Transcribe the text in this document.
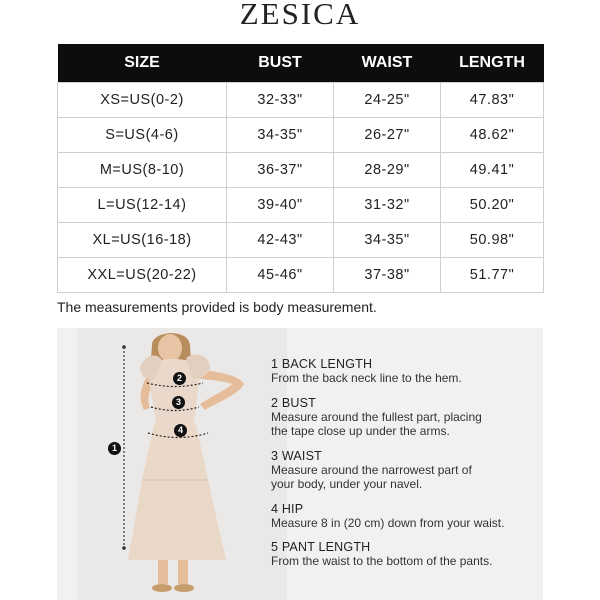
ZESICA
SIZE	BUST	WAIST	LENGTH
XS=US(0-2)	32-33"	24-25"	47.83"
S=US(4-6)	34-35"	26-27"	48.62"
M=US(8-10)	36-37"	28-29"	49.41"
L=US(12-14)	39-40"	31-32"	50.20"
XL=US(16-18)	42-43"	34-35"	50.98"
XXL=US(20-22)	45-46"	37-38"	51.77"
The measurements provided is body measurement.
1
2
3
4
1 BACK LENGTH
From the back neck line to the hem.
2 BUST
Measure around the fullest part, placing
the tape close up under the arms.
3 WAIST
Measure around the narrowest part of
your body, under your navel.
4 HIP
Measure 8 in (20 cm) down from your waist.
5 PANT LENGTH
From the waist to the bottom of the pants.
